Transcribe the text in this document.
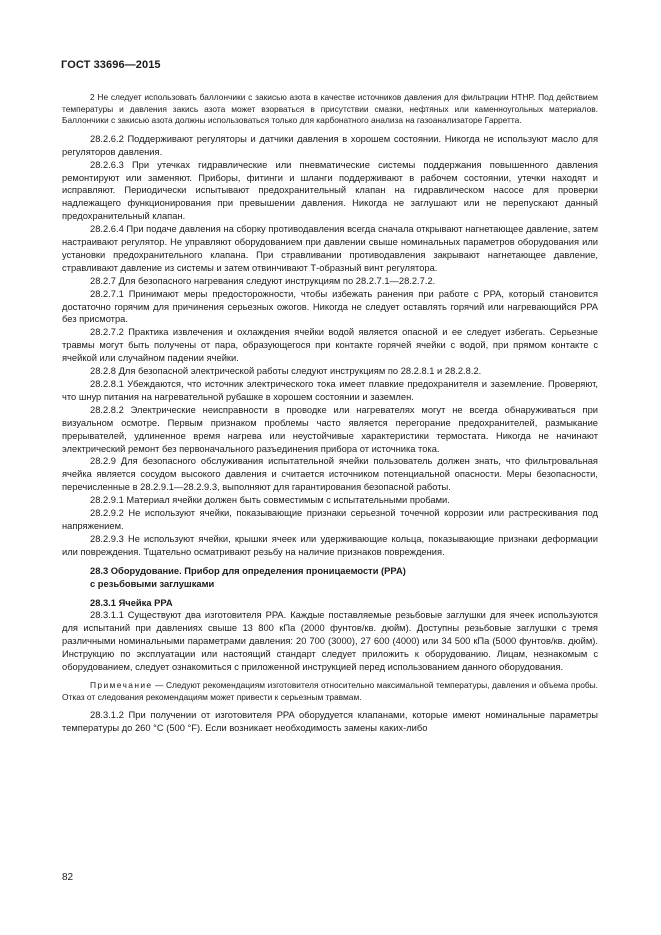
ГОСТ 33696—2015

2 Не следует использовать баллончики с закисью азота в качестве источников давления для фильтрации HTHP. Под действием температуры и давления закись азота может взорваться в присутствии смазки, нефтяных или каменноугольных материалов. Баллончики с закисью азота должны использоваться только для карбонатного анализа на газоанализаторе Гарретта.

28.2.6.2 Поддерживают регуляторы и датчики давления в хорошем состоянии. Никогда не используют масло для регуляторов давления.

28.2.6.3 При утечках гидравлические или пневматические системы поддержания повышенного давления ремонтируют или заменяют. Приборы, фитинги и шланги поддерживают в рабочем состоянии, утечки находят и исправляют. Периодически испытывают предохранительный клапан на гидравлическом насосе для проверки надлежащего функционирования при превышении давления. Никогда не заглушают или не перепускают данный предохранительный клапан.

28.2.6.4 При подаче давления на сборку противодавления всегда сначала открывают нагнетающее давление, затем настраивают регулятор. Не управляют оборудованием при давлении свыше номинальных параметров оборудования или установки предохранительного клапана. При стравливании противодавления закрывают нагнетающее давление, стравливают давление из системы и затем отвинчивают Т-образный винт регулятора.

28.2.7 Для безопасного нагревания следуют инструкциям по 28.2.7.1—28.2.7.2.

28.2.7.1 Принимают меры предосторожности, чтобы избежать ранения при работе с PPA, который становится достаточно горячим для причинения серьезных ожогов. Никогда не следует оставлять горячий или нагревающийся PPA без присмотра.

28.2.7.2 Практика извлечения и охлаждения ячейки водой является опасной и ее следует избегать. Серьезные травмы могут быть получены от пара, образующегося при контакте горячей ячейки с водой, при прямом контакте с ячейкой или случайном падении ячейки.

28.2.8 Для безопасной электрической работы следуют инструкциям по 28.2.8.1 и 28.2.8.2.

28.2.8.1 Убеждаются, что источник электрического тока имеет плавкие предохранителя и заземление. Проверяют, что шнур питания на нагревательной рубашке в хорошем состоянии и заземлен.

28.2.8.2 Электрические неисправности в проводке или нагревателях могут не всегда обнаруживаться при визуальном осмотре. Первым признаком проблемы часто является перегорание предохранителей, размыкание прерывателей, удлиненное время нагрева или неустойчивые характеристики термостата. Никогда не начинают электрический ремонт без первоначального разъединения прибора от источника тока.

28.2.9 Для безопасного обслуживания испытательной ячейки пользователь должен знать, что фильтровальная ячейка является сосудом высокого давления и считается источником потенциальной опасности. Меры безопасности, перечисленные в 28.2.9.1—28.2.9.3, выполняют для гарантирования безопасной работы.

28.2.9.1 Материал ячейки должен быть совместимым с испытательными пробами.

28.2.9.2 Не используют ячейки, показывающие признаки серьезной точечной коррозии или растрескивания под напряжением.

28.2.9.3 Не используют ячейки, крышки ячеек или удерживающие кольца, показывающие признаки деформации или повреждения. Тщательно осматривают резьбу на наличие признаков повреждения.

28.3 Оборудование. Прибор для определения проницаемости (PPA)

с резьбовыми заглушками

28.3.1 Ячейка PPA

28.3.1.1 Существуют два изготовителя PPA. Каждые поставляемые резьбовые заглушки для ячеек используются для испытаний при давлениях свыше 13 800 кПа (2000 фунтов/кв. дюйм). Доступны резьбовые заглушки с тремя различными номинальными параметрами давления: 20 700 (3000), 27 600 (4000) или 34 500 кПа (5000 фунтов/кв. дюйм). Инструкцию по эксплуатации или настоящий стандарт следует приложить к оборудованию. Лицам, незнакомым с оборудованием, следует ознакомиться с приложенной инструкцией перед использованием данного оборудования.

Примечание — Следуют рекомендациям изготовителя относительно максимальной температуры, давления и объема пробы. Отказ от следования рекомендациям может привести к серьезным травмам.

28.3.1.2 При получении от изготовителя PPA оборудуется клапанами, которые имеют номинальные параметры температуры до 260 °C (500 °F). Если возникает необходимость замены каких-либо

82
